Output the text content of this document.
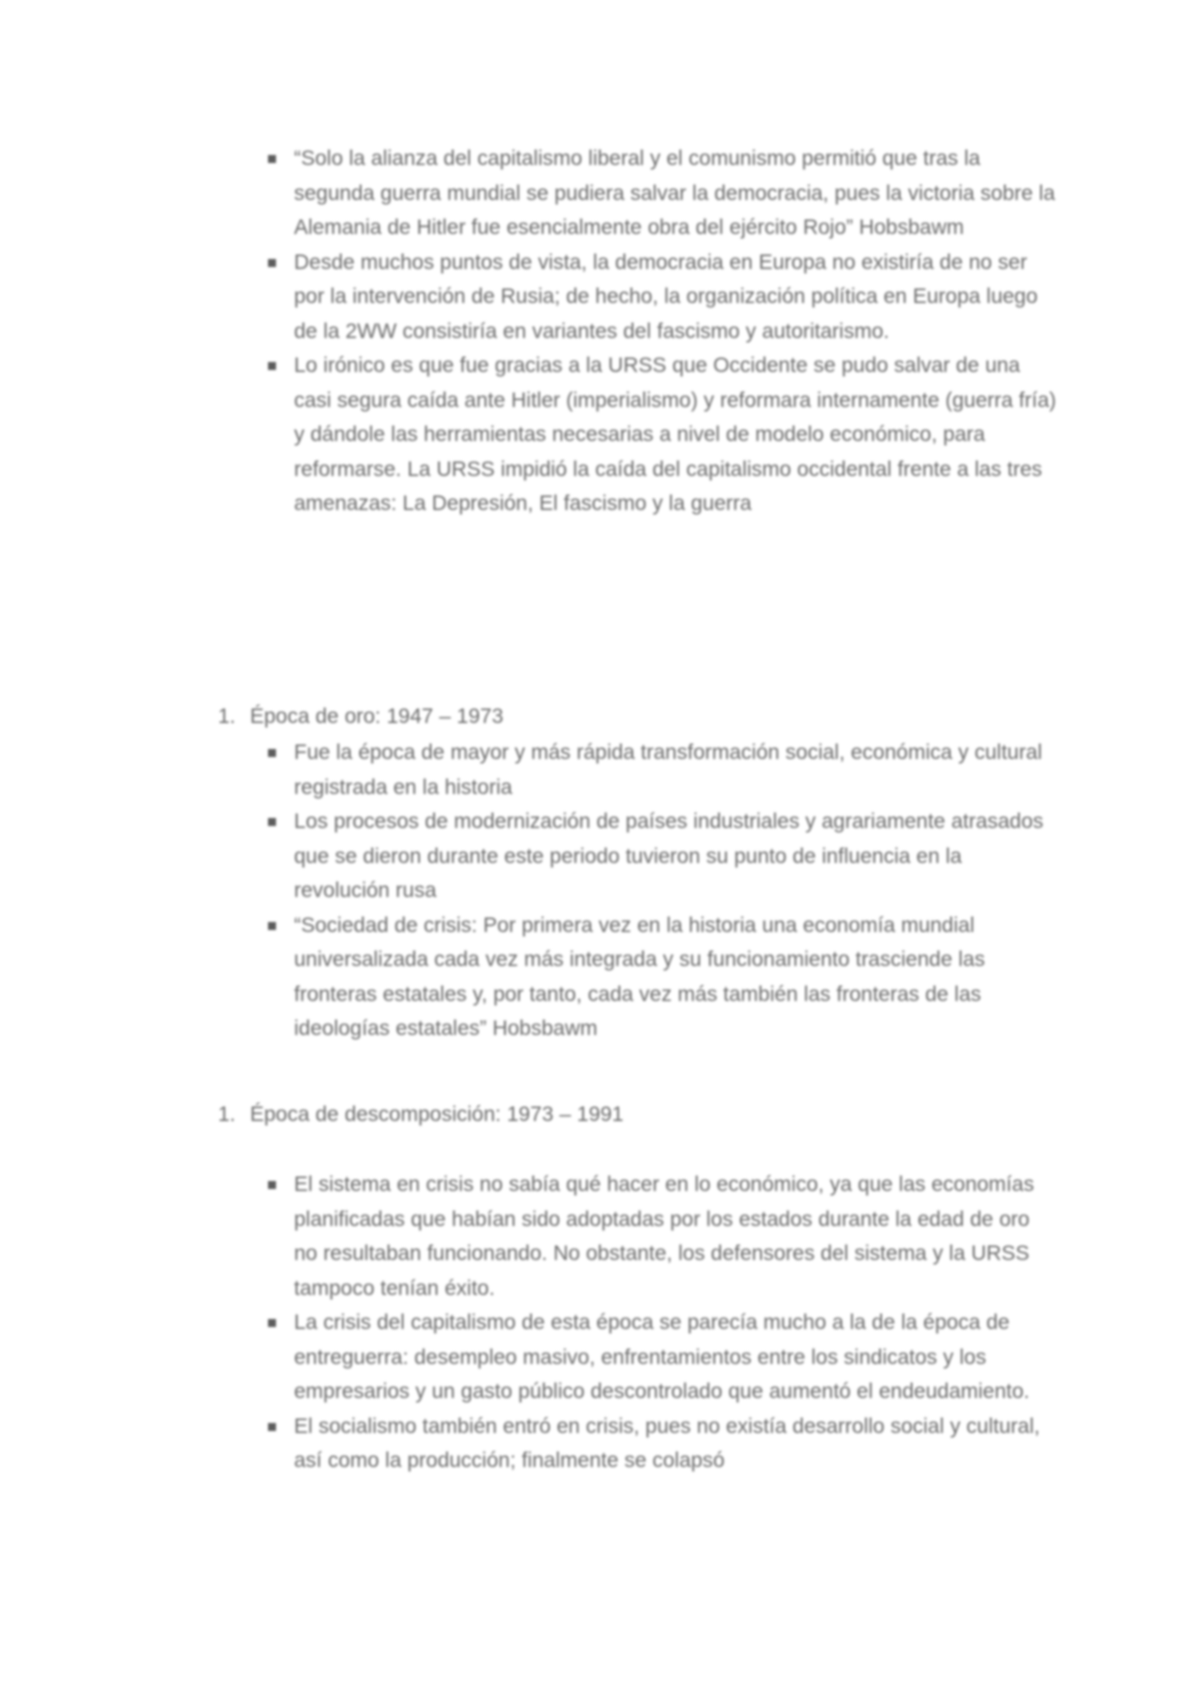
“Solo la alianza del capitalismo liberal y el comunismo permitió que tras la segunda guerra mundial se pudiera salvar la democracia, pues la victoria sobre la Alemania de Hitler fue esencialmente obra del ejército Rojo” Hobsbawm
Desde muchos puntos de vista, la democracia en Europa no existiría de no ser por la intervención de Rusia; de hecho, la organización política en Europa luego de la 2WW consistiría en variantes del fascismo y autoritarismo.
Lo irónico es que fue gracias a la URSS que Occidente se pudo salvar de una casi segura caída ante Hitler (imperialismo) y reformara internamente (guerra fría) y dándole las herramientas necesarias a nivel de modelo económico, para reformarse. La URSS impidió la caída del capitalismo occidental frente a las tres amenazas: La Depresión, El fascismo y la guerra
1. Época de oro: 1947 – 1973
Fue la época de mayor y más rápida transformación social, económica y cultural registrada en la historia
Los procesos de modernización de países industriales y agrariamente atrasados que se dieron durante este periodo tuvieron su punto de influencia en la revolución rusa
“Sociedad de crisis: Por primera vez en la historia una economía mundial universalizada cada vez más integrada y su funcionamiento trasciende las fronteras estatales y, por tanto, cada vez más también las fronteras de las ideologías estatales” Hobsbawm
1. Época de descomposición: 1973 – 1991
El sistema en crisis no sabía qué hacer en lo económico, ya que las economías planificadas que habían sido adoptadas por los estados durante la edad de oro no resultaban funcionando. No obstante, los defensores del sistema y la URSS tampoco tenían éxito.
La crisis del capitalismo de esta época se parecía mucho a la de la época de entreguerra: desempleo masivo, enfrentamientos entre los sindicatos y los empresarios y un gasto público descontrolado que aumentó el endeudamiento.
El socialismo también entró en crisis, pues no existía desarrollo social y cultural, así como la producción; finalmente se colapsó
